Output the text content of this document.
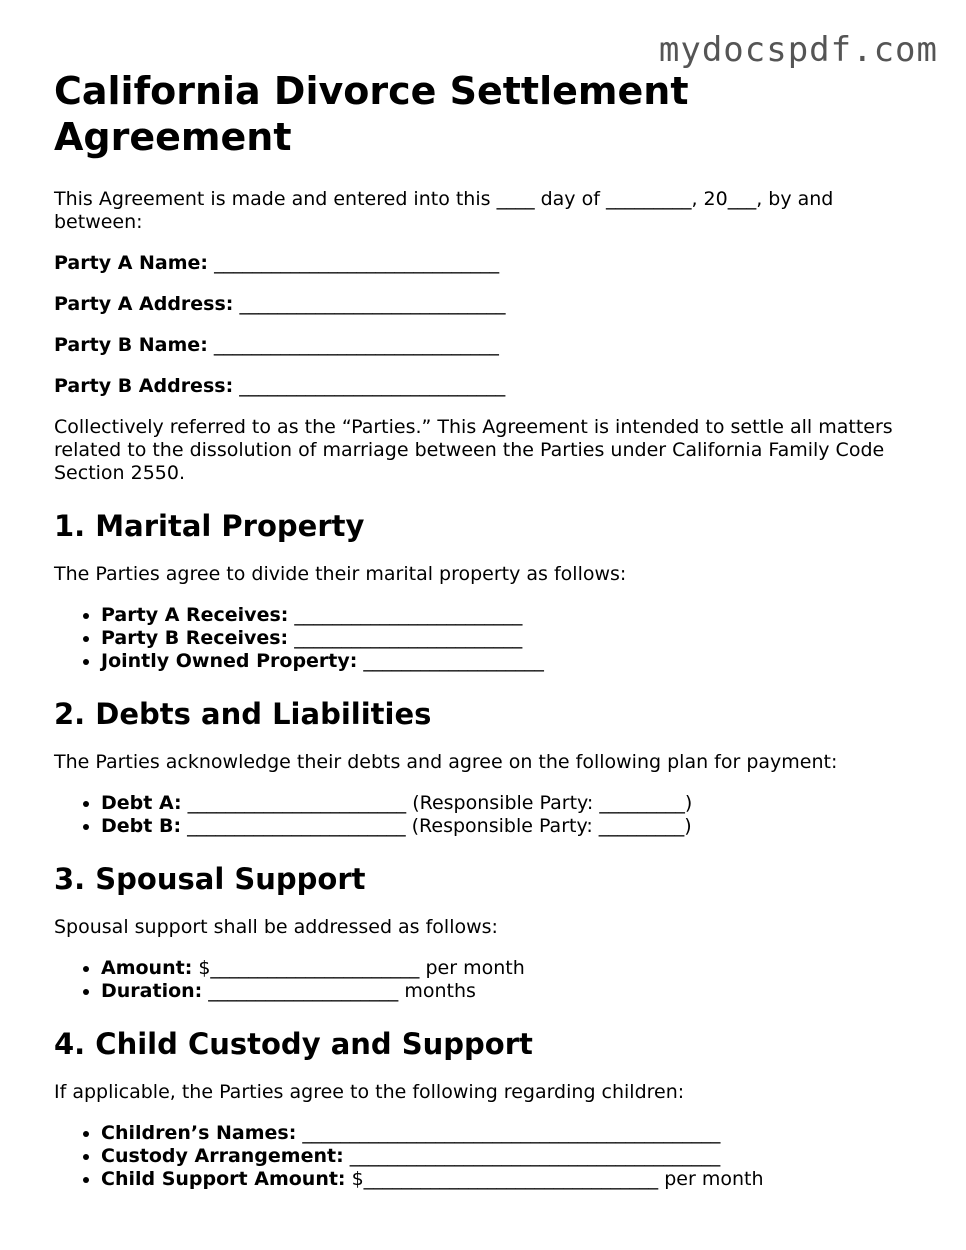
mydocspdf.com
California Divorce Settlement Agreement

This Agreement is made and entered into this ____ day of _________, 20___, by and between:

Party A Name: ______________________________
Party A Address: ____________________________
Party B Name: ______________________________
Party B Address: ____________________________

Collectively referred to as the “Parties.” This Agreement is intended to settle all matters related to the dissolution of marriage between the Parties under California Family Code Section 2550.

1. Marital Property

The Parties agree to divide their marital property as follows:

• Party A Receives: ________________________
• Party B Receives: ________________________
• Jointly Owned Property: ___________________
2. Debts and Liabilities

The Parties acknowledge their debts and agree on the following plan for payment:

• Debt A: _______________________ (Responsible Party: _________)
• Debt B: _______________________ (Responsible Party: _________)
3. Spousal Support

Spousal support shall be addressed as follows:

• Amount: $______________________ per month
• Duration: ____________________ months
4. Child Custody and Support

If applicable, the Parties agree to the following regarding children:

• Children’s Names: ____________________________________________
• Custody Arrangement: _______________________________________
• Child Support Amount: $_______________________________ per month
